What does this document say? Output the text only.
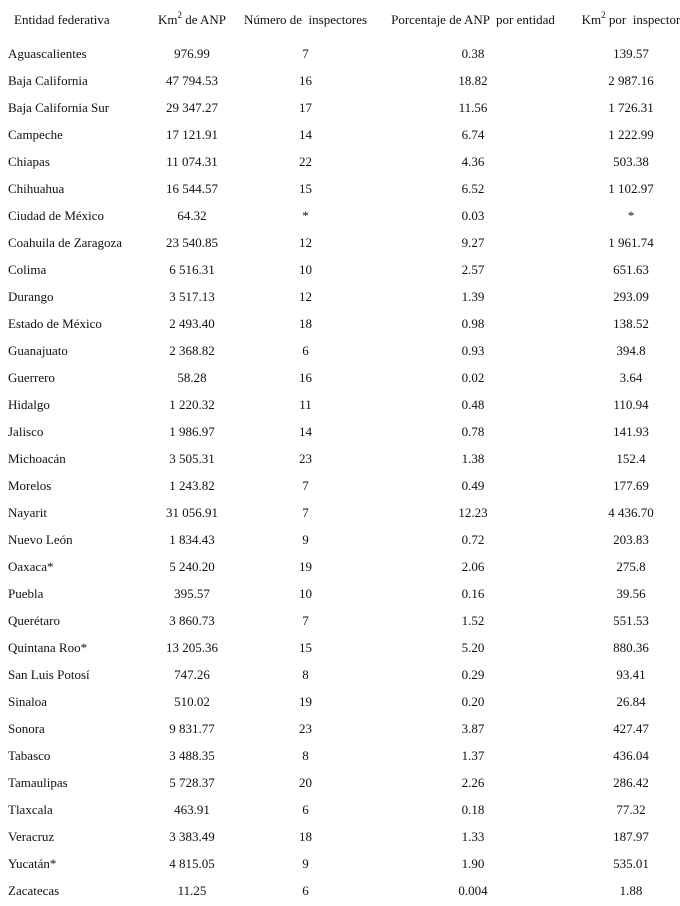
Entidad federativa	Km$^2$ de ANP	Número de  inspectores	Porcentaje de ANP  por entidad	Km$^2$ por  inspector
Aguascalientes	976.99	7	0.38	139.57
Baja California	47 794.53	16	18.82	2 987.16
Baja California Sur	29 347.27	17	11.56	1 726.31
Campeche	17 121.91	14	6.74	1 222.99
Chiapas	11 074.31	22	4.36	503.38
Chihuahua	16 544.57	15	6.52	1 102.97
Ciudad de México	64.32	*	0.03	*
Coahuila de Zaragoza	23 540.85	12	9.27	1 961.74
Colima	6 516.31	10	2.57	651.63
Durango	3 517.13	12	1.39	293.09
Estado de México	2 493.40	18	0.98	138.52
Guanajuato	2 368.82	6	0.93	394.8
Guerrero	58.28	16	0.02	3.64
Hidalgo	1 220.32	11	0.48	110.94
Jalisco	1 986.97	14	0.78	141.93
Michoacán	3 505.31	23	1.38	152.4
Morelos	1 243.82	7	0.49	177.69
Nayarit	31 056.91	7	12.23	4 436.70
Nuevo León	1 834.43	9	0.72	203.83
Oaxaca*	5 240.20	19	2.06	275.8
Puebla	395.57	10	0.16	39.56
Querétaro	3 860.73	7	1.52	551.53
Quintana Roo*	13 205.36	15	5.20	880.36
San Luis Potosí	747.26	8	0.29	93.41
Sinaloa	510.02	19	0.20	26.84
Sonora	9 831.77	23	3.87	427.47
Tabasco	3 488.35	8	1.37	436.04
Tamaulipas	5 728.37	20	2.26	286.42
Tlaxcala	463.91	6	0.18	77.32
Veracruz	3 383.49	18	1.33	187.97
Yucatán*	4 815.05	9	1.90	535.01
Zacatecas	11.25	6	0.004	1.88
